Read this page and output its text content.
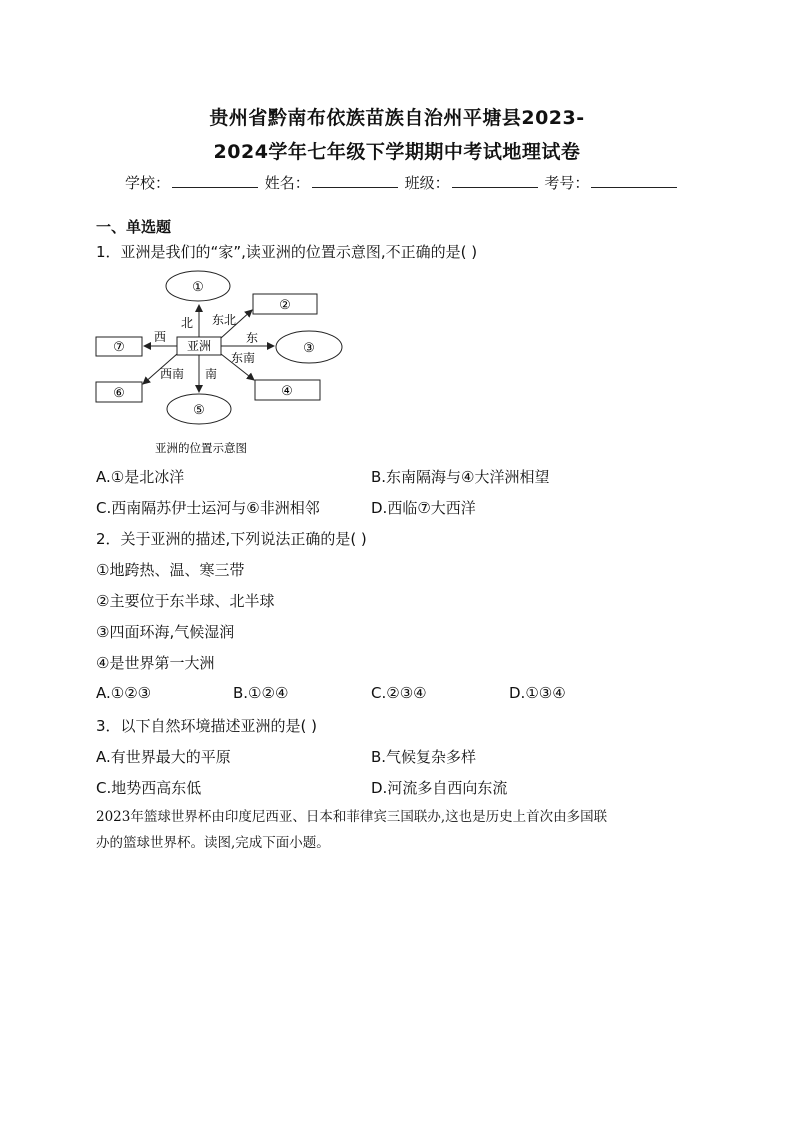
贵州省黔南布依族苗族自治州平塘县2023-
2024学年七年级下学期期中考试地理试卷
学校：	姓名：	班级：	考号：
一、单选题
1．亚洲是我们的“家”,读亚洲的位置示意图,不正确的是( )
①
②
③
④
⑤
⑥
⑦	亚洲
北 东北
东
东南
南
西南
西
亚洲的位置示意图
A.①是北冰洋	B.东南隔海与④大洋洲相望
C.西南隔苏伊士运河与⑥非洲相邻	D.西临⑦大西洋
2．关于亚洲的描述,下列说法正确的是( )
①地跨热、温、寒三带
②主要位于东半球、北半球
③四面环海,气候湿润
④是世界第一大洲
A.①②③	B.①②④	C.②③④	D.①③④
3．以下自然环境描述亚洲的是( )
A.有世界最大的平原	B.气候复杂多样
C.地势西高东低	D.河流多自西向东流
2023年篮球世界杯由印度尼西亚、日本和菲律宾三国联办,这也是历史上首次由多国联
办的篮球世界杯。读图,完成下面小题。
